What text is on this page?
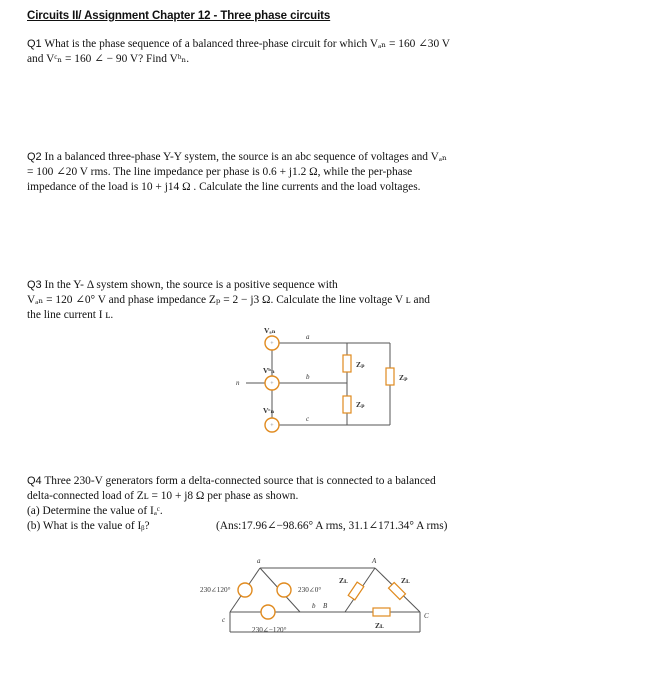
Circuits II/ Assignment Chapter 12 - Three phase circuits
Q1 What is the phase sequence of a balanced three-phase circuit for which Vₐₙ = 160 ∠30 V
and Vᶜₙ = 160 ∠ − 90 V? Find Vᵇₙ.
Q2 In a balanced three-phase Y-Y system, the source is an abc sequence of voltages and Vₐₙ
= 100 ∠20 V rms. The line impedance per phase is 0.6 + j1.2 Ω, while the per-phase
impedance of the load is 10 + j14 Ω . Calculate the line currents and the load voltages.
Q3 In the Y- Δ system shown, the source is a positive sequence with
Vₐₙ = 120 ∠0° V and phase impedance Zₚ = 2 − j3 Ω. Calculate the line voltage V ʟ and
the line current I ʟ.
+
+
+
Vₐₙ
Vᵇₙ
Vᶜₙ
Zₚ
Zₚ
Zₚ
n
a
b
c
Q4 Three 230-V generators form a delta-connected source that is connected to a balanced
delta-connected load of Zʟ = 10 + j8 Ω per phase as shown.
(a) Determine the value of Iₐᶜ.
(b) What is the value of Iᵦ?	(Ans:17.96∠−98.66° A rms, 31.1∠171.34° A rms)
230∠120°	230∠0°
230∠−120°
a
b
c
A
B
C
Zʟ	Zʟ
Zʟ
